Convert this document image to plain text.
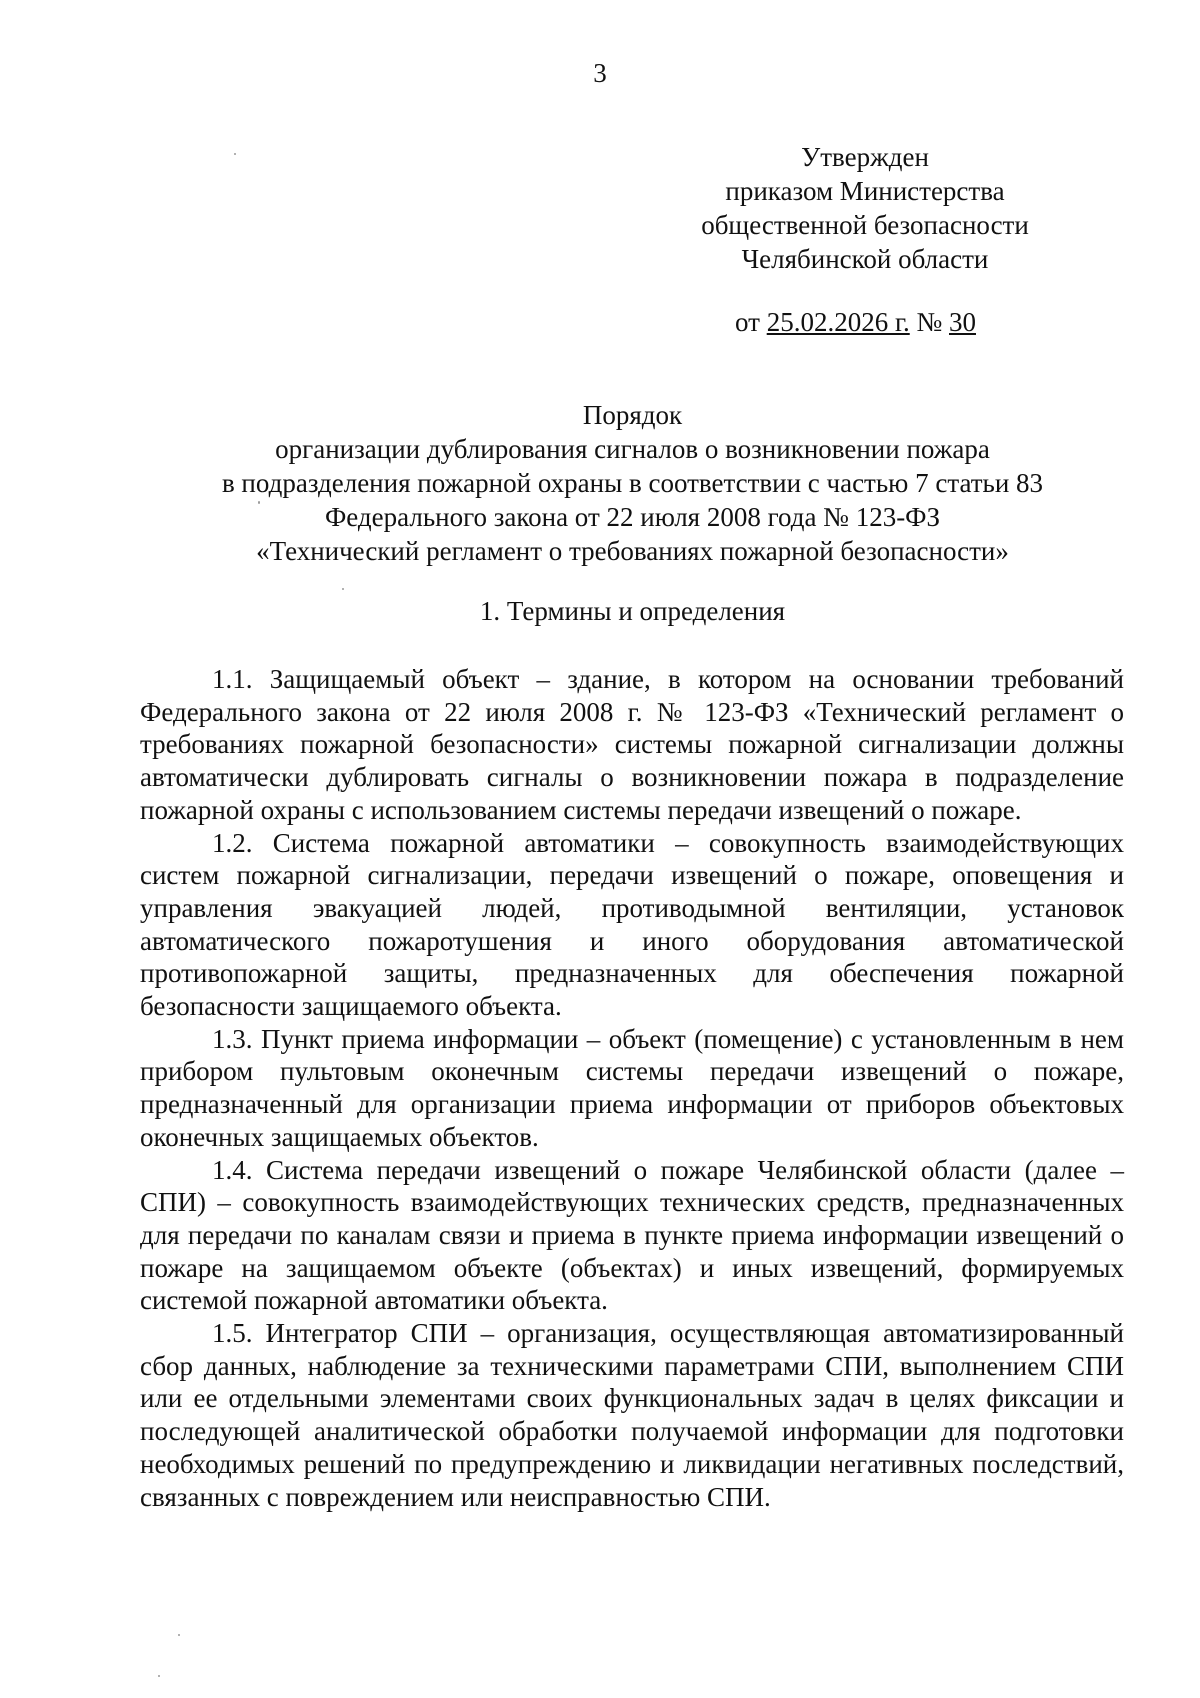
3
Утвержден
приказом Министерства
общественной безопасности
Челябинской области
от 25.02.2026 г. № 30
Порядок
организации дублирования сигналов о возникновении пожара
в подразделения пожарной охраны в соответствии с частью 7 статьи 83
Федерального закона от 22 июля 2008 года № 123-ФЗ
«Технический регламент о требованиях пожарной безопасности»
1. Термины и определения

1.1. Защищаемый объект – здание, в котором на основании требований Федерального закона от 22 июля 2008 г. № 123-ФЗ «Технический регламент о требованиях пожарной безопасности» системы пожарной сигнализации должны автоматически дублировать сигналы о возникновении пожара в подразделение пожарной охраны с использованием системы передачи извещений о пожаре.

1.2. Система пожарной автоматики – совокупность взаимодействующих систем пожарной сигнализации, передачи извещений о пожаре, оповещения и управления эвакуацией людей, противодымной вентиляции, установок автоматического пожаротушения и иного оборудования автоматической противопожарной защиты, предназначенных для обеспечения пожарной безопасности защищаемого объекта.

1.3. Пункт приема информации – объект (помещение) с установленным в нем прибором пультовым оконечным системы передачи извещений о пожаре, предназначенный для организации приема информации от приборов объектовых оконечных защищаемых объектов.

1.4. Система передачи извещений о пожаре Челябинской области (далее – СПИ) – совокупность взаимодействующих технических средств, предназначенных для передачи по каналам связи и приема в пункте приема информации извещений о пожаре на защищаемом объекте (объектах) и иных извещений, формируемых системой пожарной автоматики объекта.

1.5. Интегратор СПИ – организация, осуществляющая автоматизированный сбор данных, наблюдение за техническими параметрами СПИ, выполнением СПИ или ее отдельными элементами своих функциональных задач в целях фиксации и последующей аналитической обработки получаемой информации для подготовки необходимых решений по предупреждению и ликвидации негативных последствий, связанных с повреждением или неисправностью СПИ.
